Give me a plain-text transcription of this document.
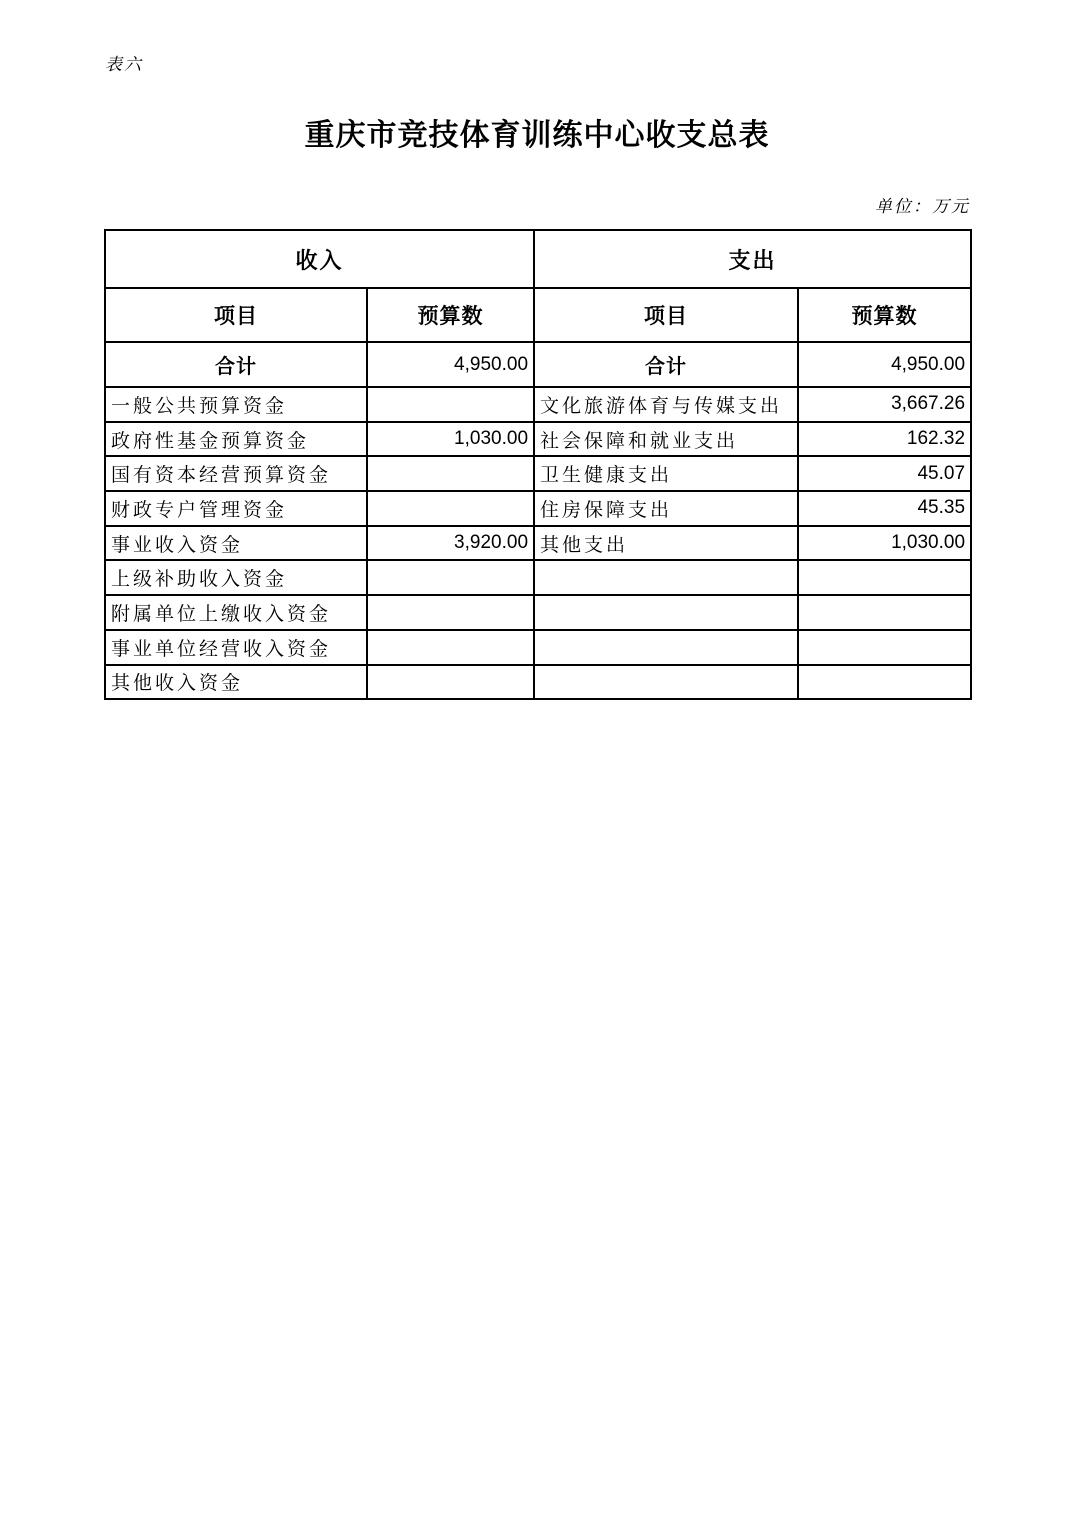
表六
重庆市竞技体育训练中心收支总表
单位：万元
收入		支出	
项目	预算数	项目	预算数
合计	4,950.00	合计	4,950.00
一般公共预算资金		文化旅游体育与传媒支出	3,667.26
政府性基金预算资金	1,030.00	社会保障和就业支出	162.32
国有资本经营预算资金		卫生健康支出	45.07
财政专户管理资金		住房保障支出	45.35
事业收入资金	3,920.00	其他支出	1,030.00
上级补助收入资金			
附属单位上缴收入资金			
事业单位经营收入资金			
其他收入资金			
